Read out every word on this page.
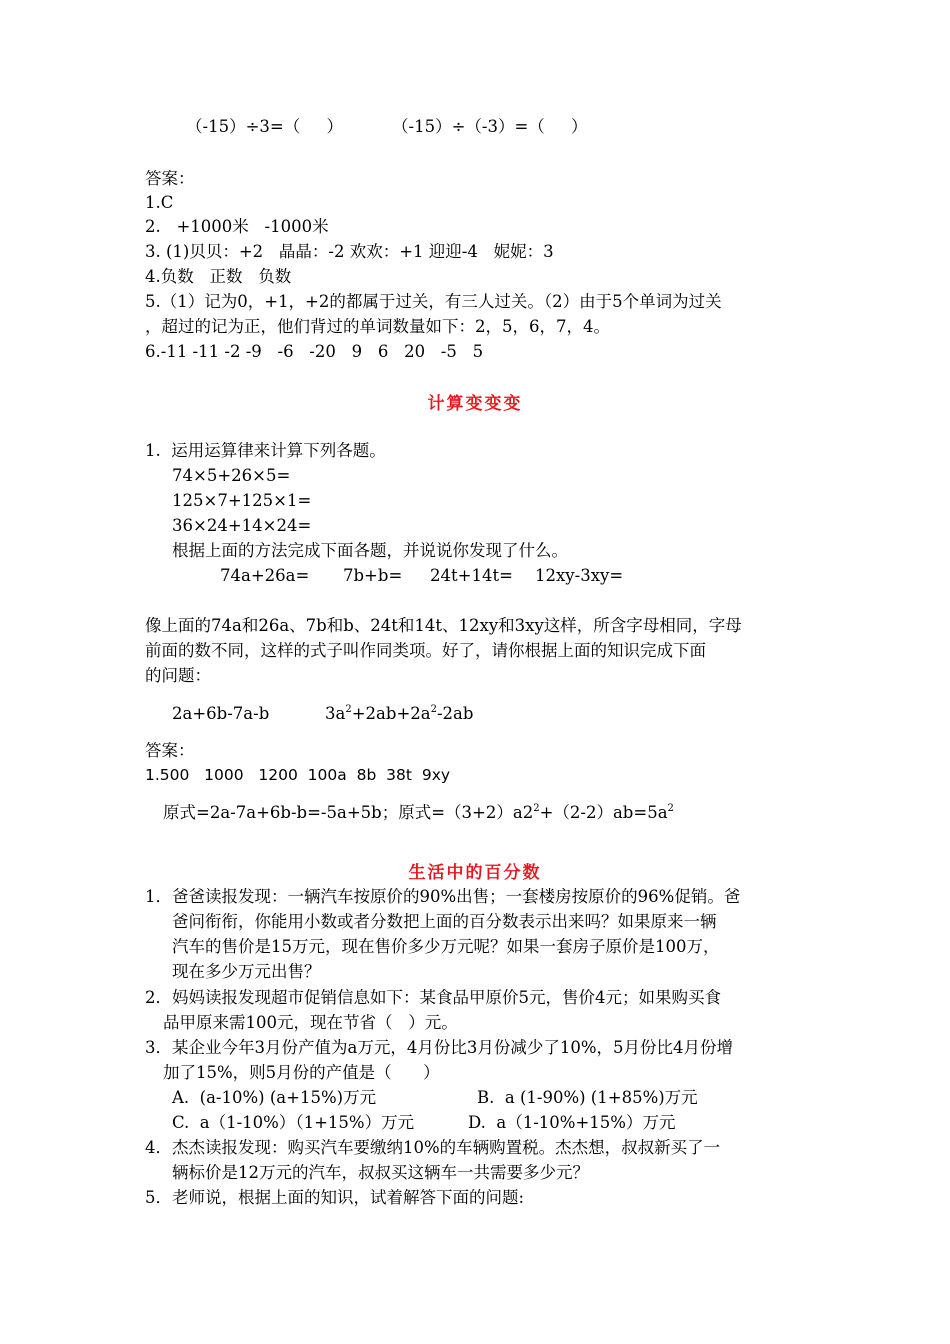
（-15）÷3=（     ）	（-15）÷（-3）=（     ）
答案：
1.C
2.   +1000米   -1000米
3. (1)贝贝：+2   晶晶：-2 欢欢：+1 迎迎-4   妮妮：3
4.负数   正数   负数
5.（1）记为0，+1，+2的都属于过关，有三人过关。（2）由于5个单词为过关
，超过的记为正，他们背过的单词数量如下：2，5，6，7，4。
6.-11 -11 -2 -9   -6   -20   9   6   20   -5   5
计算变变变
1.  运用运算律来计算下列各题。
74×5+26×5=
125×7+125×1=
36×24+14×24=
根据上面的方法完成下面各题，并说说你发现了什么。
74a+26a= 7b+b= 24t+14t= 12xy-3xy=
像上面的74a和26a、7b和b、24t和14t、12xy和3xy这样，所含字母相同，字母
前面的数不同，这样的式子叫作同类项。好了，请你根据上面的知识完成下面
的问题：
2a+6b-7a-b	$3a^2+2ab+2a^2-2ab$
答案：
1.500   1000   1200  100a  8b  38t  9xy
原式=2a-7a+6b-b=-5a+5b；原式$=(3+2)a2^2+(2-2)ab=5a^2$
生活中的百分数
1．爸爸读报发现：一辆汽车按原价的90%出售；一套楼房按原价的96%促销。爸
爸问衔衔，你能用小数或者分数把上面的百分数表示出来吗？如果原来一辆
汽车的售价是15万元，现在售价多少万元呢？如果一套房子原价是100万，
现在多少万元出售？
2．妈妈读报发现超市促销信息如下：某食品甲原价5元，售价4元；如果购买食
品甲原来需100元，现在节省（   ）元。
3．某企业今年3月份产值为a万元，4月份比3月份减少了10%，5月份比4月份增
加了15%，则5月份的产值是（      ）
A.  (a-10%) (a+15%)万元	B.  a (1-90%) (1+85%)万元
C.  a（1-10%）（1+15%）万元	D.  a（1-10%+15%）万元
4．杰杰读报发现：购买汽车要缴纳10%的车辆购置税。杰杰想，叔叔新买了一
辆标价是12万元的汽车，叔叔买这辆车一共需要多少元？
5．老师说，根据上面的知识，试着解答下面的问题:
